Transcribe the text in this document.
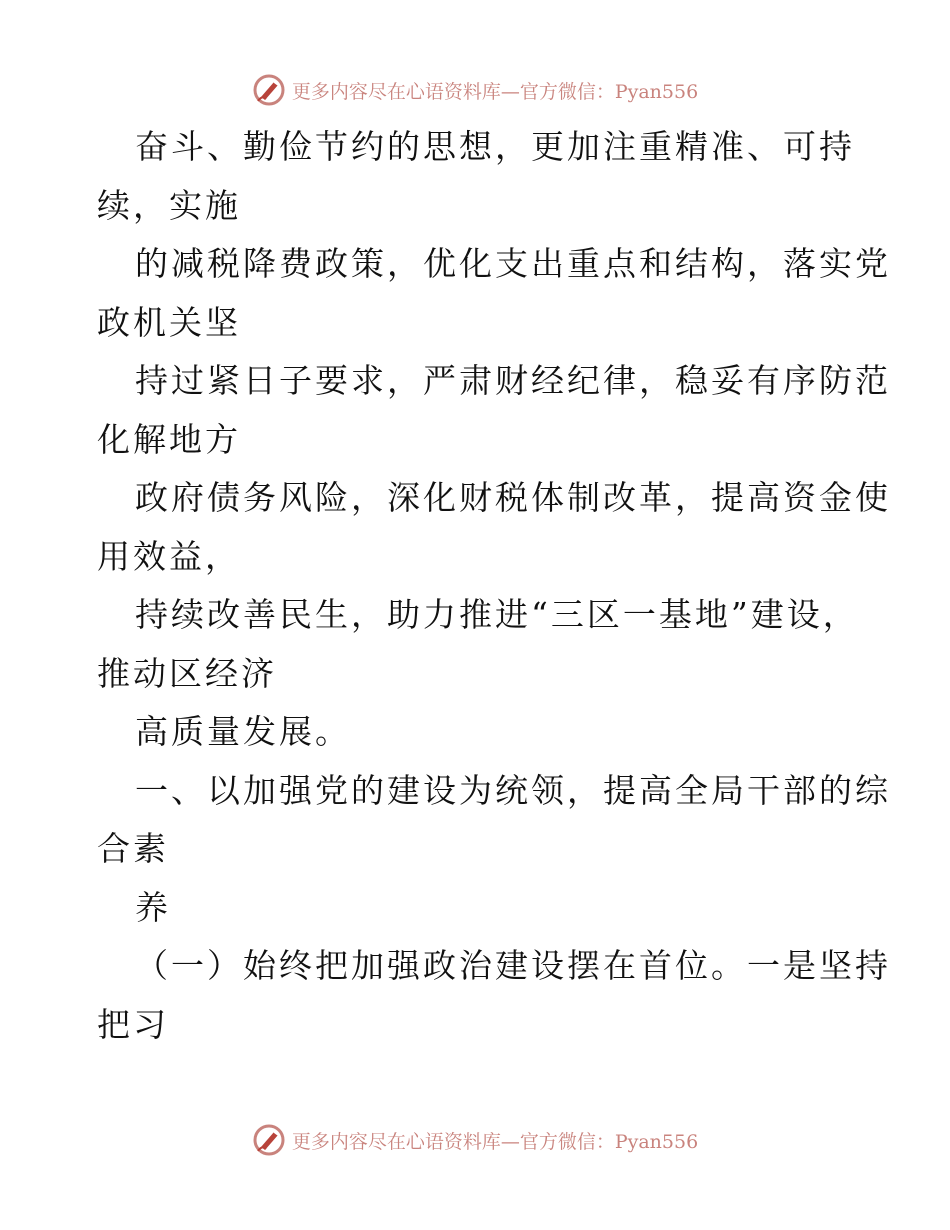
更多内容尽在心语资料库—官方微信：Pyan556
奋斗、勤俭节约的思想，更加注重精准、可持
续，实施
的减税降费政策，优化支出重点和结构，落实党
政机关坚
持过紧日子要求，严肃财经纪律，稳妥有序防范
化解地方
政府债务风险，深化财税体制改革，提高资金使
用效益，
持续改善民生，助力推进“三区一基地”建设，
推动区经济
高质量发展。
一、以加强党的建设为统领，提高全局干部的综
合素
养
（一）始终把加强政治建设摆在首位。一是坚持
把习
更多内容尽在心语资料库—官方微信：Pyan556
